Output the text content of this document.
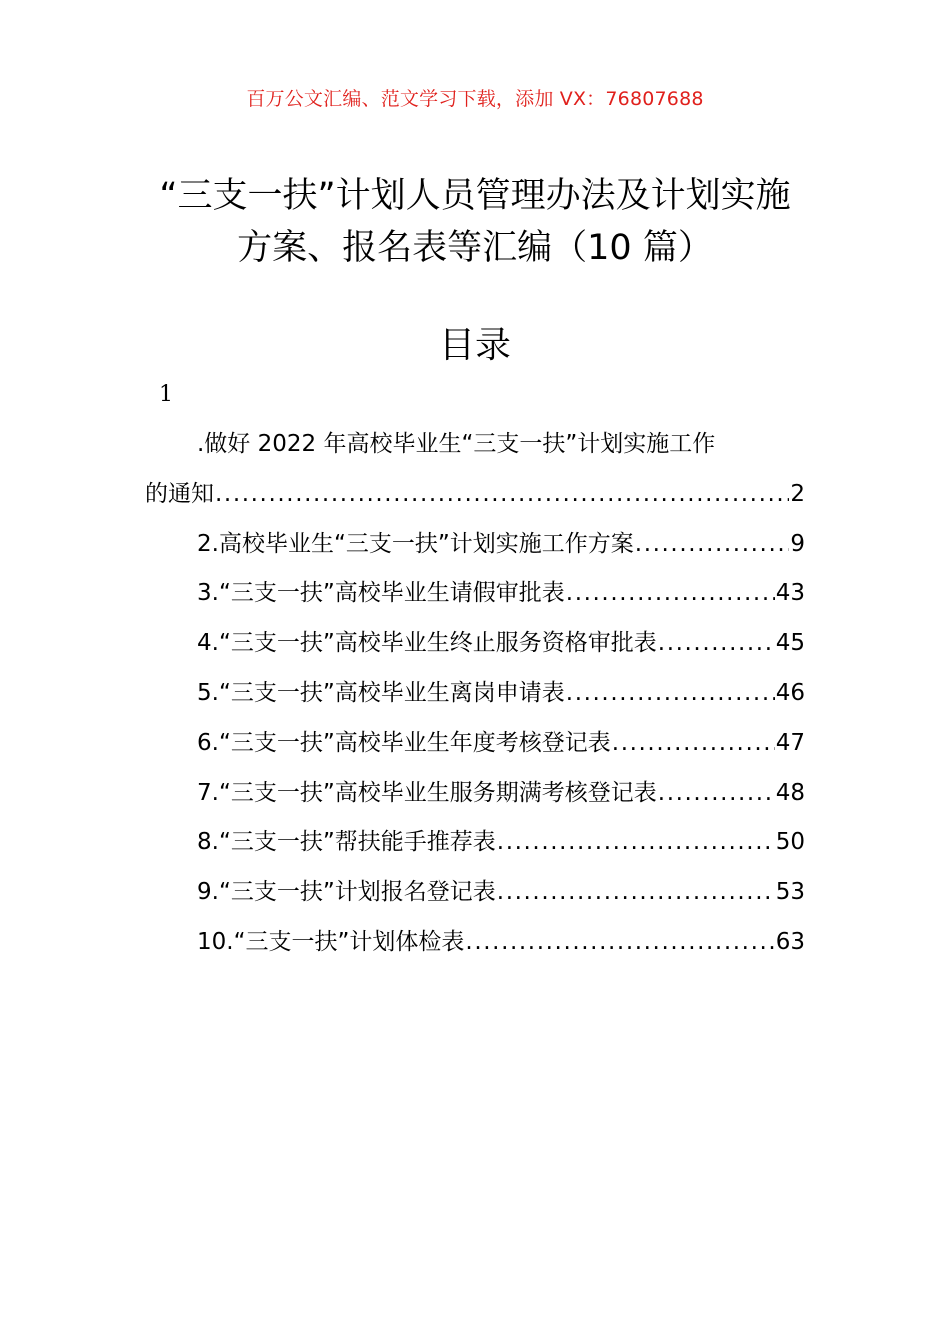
百万公文汇编、范文学习下载，添加 VX：76807688
“三支一扶”计划人员管理办法及计划实施
方案、报名表等汇编（10 篇）
目录
1
.做好 2022 年高校毕业生“三支一扶”计划实施工作
的通知 .....	2
2.高校毕业生“三支一扶”计划实施工作方案 .....	9
3.“三支一扶”高校毕业生请假审批表 .....	43
4.“三支一扶”高校毕业生终止服务资格审批表 .....	45
5.“三支一扶”高校毕业生离岗申请表 .....	46
6.“三支一扶”高校毕业生年度考核登记表 .....	47
7.“三支一扶”高校毕业生服务期满考核登记表 .....	48
8.“三支一扶”帮扶能手推荐表 .....	50
9.“三支一扶”计划报名登记表 .....	53
10.“三支一扶”计划体检表 .....	63
